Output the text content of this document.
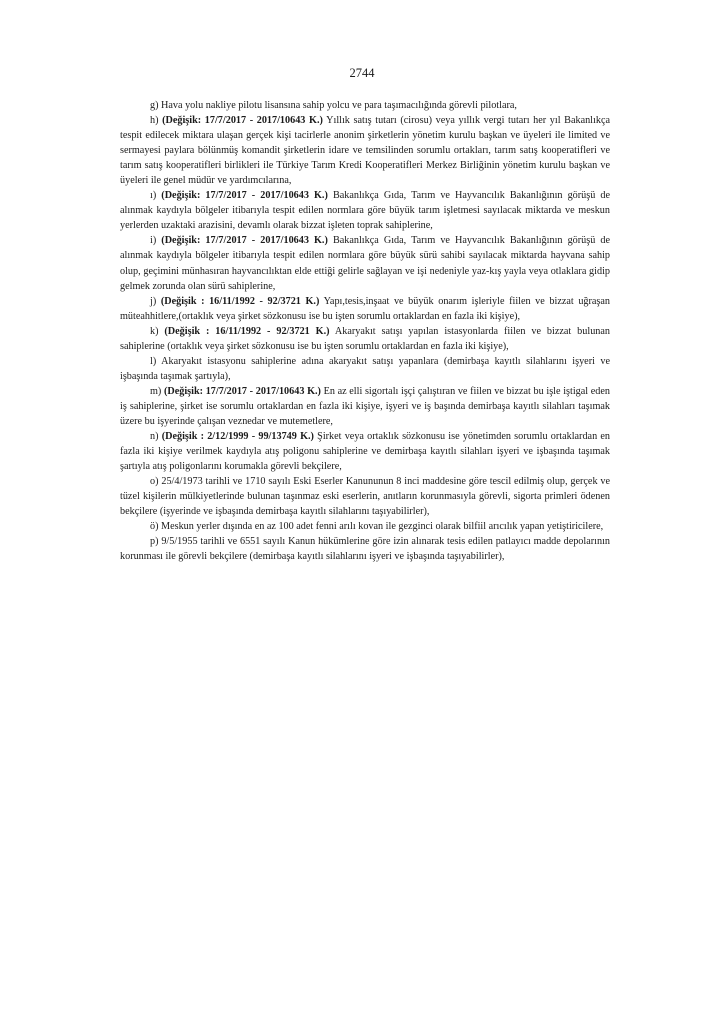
2744

g) Hava yolu nakliye pilotu lisansına sahip yolcu ve para taşımacılığında görevli pilotlara,

h) (Değişik: 17/7/2017 - 2017/10643 K.) Yıllık satış tutarı (cirosu) veya yıllık vergi tutarı her yıl Bakanlıkça tespit edilecek miktara ulaşan gerçek kişi tacirlerle anonim şirketlerin yönetim kurulu başkan ve üyeleri ile limited ve sermayesi paylara bölünmüş komandit şirketlerin idare ve temsilinden sorumlu ortakları, tarım satış kooperatifleri ve tarım satış kooperatifleri birlikleri ile Türkiye Tarım Kredi Kooperatifleri Merkez Birliğinin yönetim kurulu başkan ve üyeleri ile genel müdür ve yardımcılarına,

ı) (Değişik: 17/7/2017 - 2017/10643 K.) Bakanlıkça Gıda, Tarım ve Hayvancılık Bakanlığının görüşü de alınmak kaydıyla bölgeler itibarıyla tespit edilen normlara göre büyük tarım işletmesi sayılacak miktarda ve meskun yerlerden uzaktaki arazisini, devamlı olarak bizzat işleten toprak sahiplerine,

i) (Değişik: 17/7/2017 - 2017/10643 K.) Bakanlıkça Gıda, Tarım ve Hayvancılık Bakanlığının görüşü de alınmak kaydıyla bölgeler itibarıyla tespit edilen normlara göre büyük sürü sahibi sayılacak miktarda hayvana sahip olup, geçimini münhasıran hayvancılıktan elde ettiği gelirle sağlayan ve işi nedeniyle yaz-kış yayla veya otlaklara gidip gelmek zorunda olan sürü sahiplerine,

j) (Değişik : 16/11/1992 - 92/3721 K.) Yapı,tesis,inşaat ve büyük onarım işleriyle fiilen ve bizzat uğraşan müteahhitlere,(ortaklık veya şirket sözkonusu ise bu işten sorumlu ortaklardan en fazla iki kişiye),

k) (Değişik : 16/11/1992 - 92/3721 K.) Akaryakıt satışı yapılan istasyonlarda fiilen ve bizzat bulunan sahiplerine (ortaklık veya şirket sözkonusu ise bu işten sorumlu ortaklardan en fazla iki kişiye),

l) Akaryakıt istasyonu sahiplerine adına akaryakıt satışı yapanlara (demirbaşa kayıtlı silahlarını işyeri ve işbaşında taşımak şartıyla),

m) (Değişik: 17/7/2017 - 2017/10643 K.) En az elli sigortalı işçi çalıştıran ve fiilen ve bizzat bu işle iştigal eden iş sahiplerine, şirket ise sorumlu ortaklardan en fazla iki kişiye, işyeri ve iş başında demirbaşa kayıtlı silahları taşımak üzere bu işyerinde çalışan veznedar ve mutemetlere,

n) (Değişik : 2/12/1999 - 99/13749 K.) Şirket veya ortaklık sözkonusu ise yönetimden sorumlu ortaklardan en fazla iki kişiye verilmek kaydıyla atış poligonu sahiplerine ve demirbaşa kayıtlı silahları işyeri ve işbaşında taşımak şartıyla atış poligonlarını korumakla görevli bekçilere,

o) 25/4/1973 tarihli ve 1710 sayılı Eski Eserler Kanununun 8 inci maddesine göre tescil edilmiş olup, gerçek ve tüzel kişilerin mülkiyetlerinde bulunan taşınmaz eski eserlerin, anıtların korunmasıyla görevli, sigorta primleri ödenen bekçilere (işyerinde ve işbaşında demirbaşa kayıtlı silahlarını taşıyabilirler),

ö) Meskun yerler dışında en az 100 adet fenni arılı kovan ile gezginci olarak bilfiil arıcılık yapan yetiştiricilere,

p) 9/5/1955 tarihli ve 6551 sayılı Kanun hükümlerine göre izin alınarak tesis edilen patlayıcı madde depolarının korunması ile görevli bekçilere (demirbaşa kayıtlı silahlarını işyeri ve işbaşında taşıyabilirler),
